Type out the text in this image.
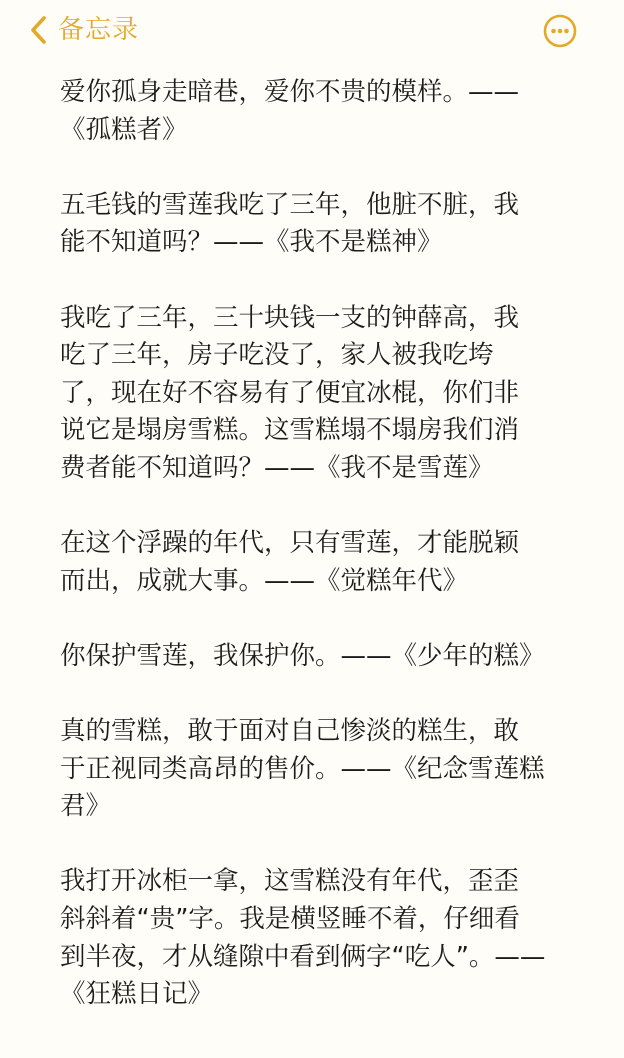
备忘录

爱你孤身走暗巷，爱你不贵的模样。——
《孤糕者》

五毛钱的雪莲我吃了三年，他脏不脏，我
能不知道吗？——《我不是糕神》

我吃了三年，三十块钱一支的钟薛高，我
吃了三年，房子吃没了，家人被我吃垮
了，现在好不容易有了便宜冰棍，你们非
说它是塌房雪糕。这雪糕塌不塌房我们消
费者能不知道吗？——《我不是雪莲》

在这个浮躁的年代，只有雪莲，才能脱颖
而出，成就大事。——《觉糕年代》

你保护雪莲，我保护你。——《少年的糕》

真的雪糕，敢于面对自己惨淡的糕生，敢
于正视同类高昂的售价。——《纪念雪莲糕
君》

我打开冰柜一拿，这雪糕没有年代，歪歪
斜斜着“贵”字。我是横竖睡不着，仔细看
到半夜，才从缝隙中看到俩字“吃人”。——
《狂糕日记》
